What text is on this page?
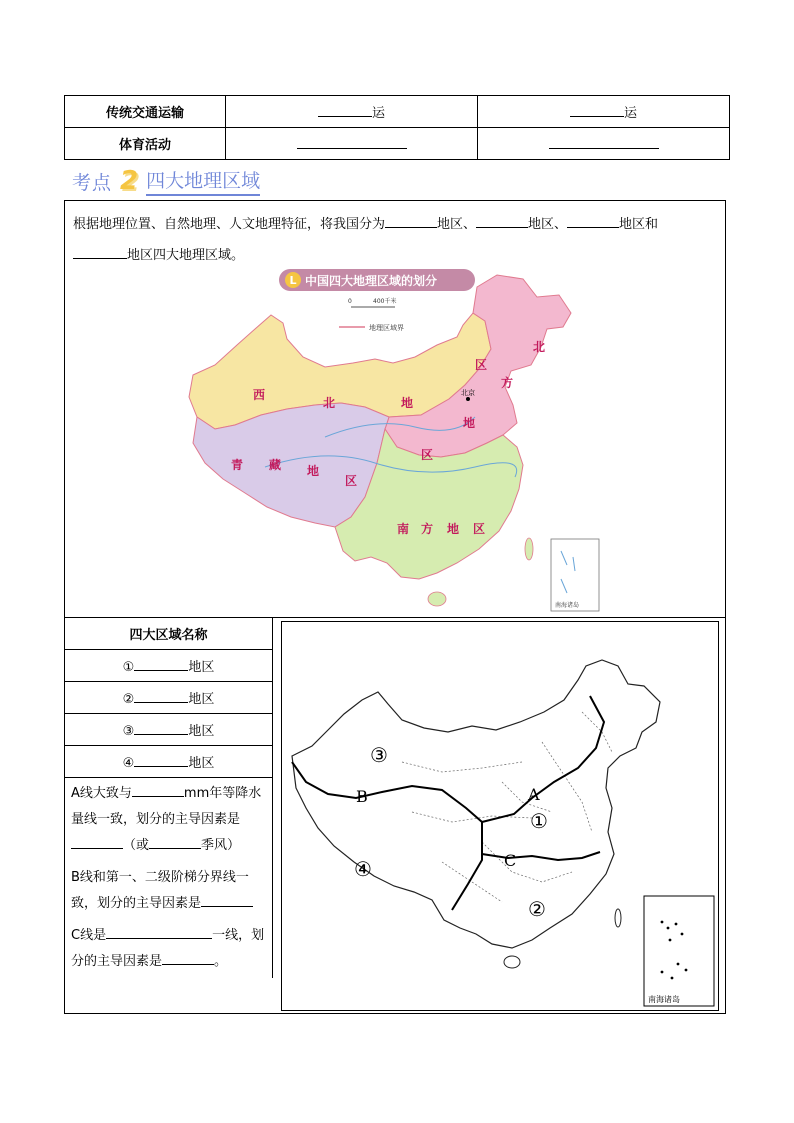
传统交通运输	运	运
体育活动		
考点 2 四大地理区域
根据地理位置、自然地理、人文地理特征，将我国分为	地区、	地区、	地区和
地区四大地理区域。
L 中国四大地理区域的划分
0	400千米
地理区域界
西
北	地
区
北
方
地
区
青 藏 地
区
南 方 地 区
北京
南海诸岛
四大区域名称
①	地区
②	地区
③	地区
④	地区
A线大致与	mm年等降水量线一致，划分的主导因素是（或	季风）
B线和第一、二级阶梯分界线一致，划分的主导因素是
C线是	一线，划分的主导因素是	。
③
①
④
②
A
B
C
南海诸岛
